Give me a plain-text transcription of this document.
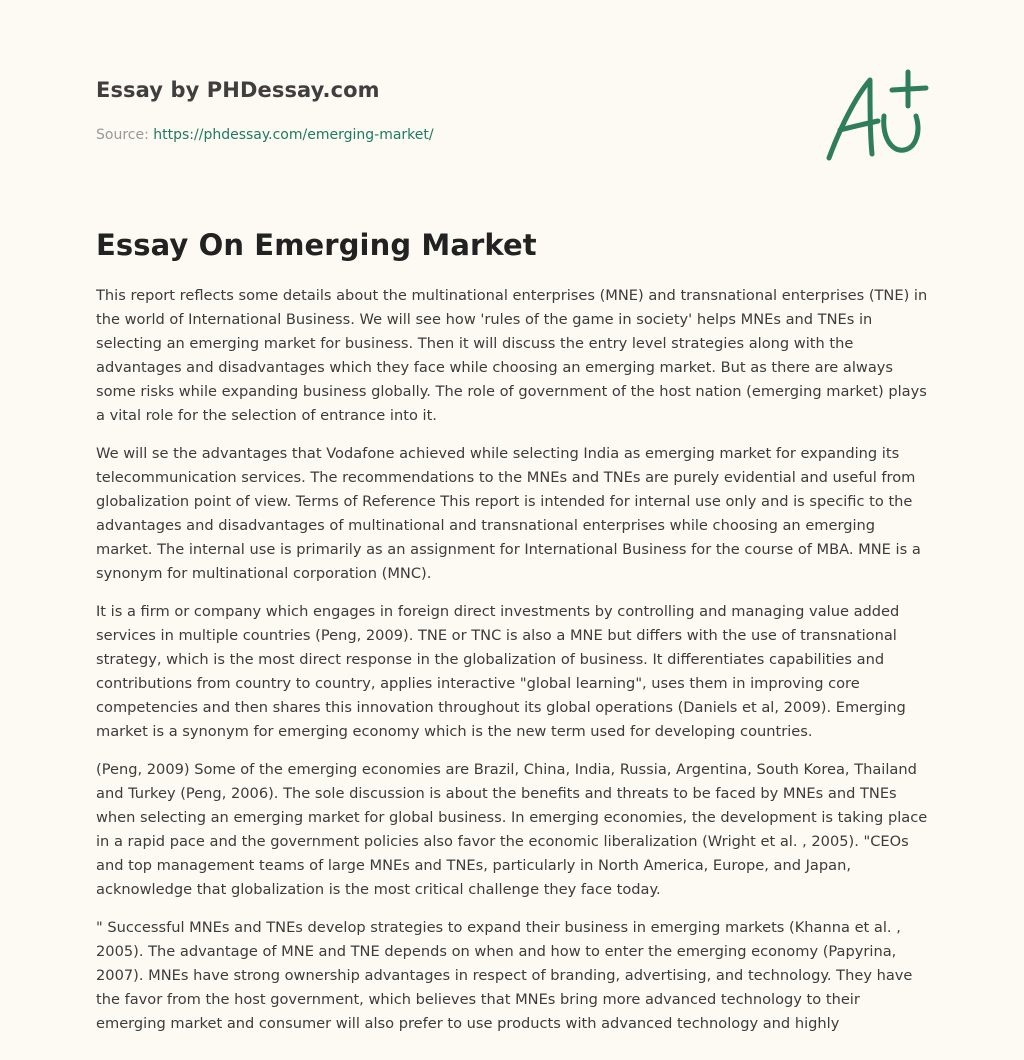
Essay by PHDessay.com
Source: https://phdessay.com/emerging-market/
Essay On Emerging Market

This report reflects some details about the multinational enterprises (MNE) and transnational enterprises (TNE) in the world of International Business. We will see how 'rules of the game in society' helps MNEs and TNEs in selecting an emerging market for business. Then it will discuss the entry level strategies along with the advantages and disadvantages which they face while choosing an emerging market. But as there are always some risks while expanding business globally. The role of government of the host nation (emerging market) plays a vital role for the selection of entrance into it.

We will se the advantages that Vodafone achieved while selecting India as emerging market for expanding its telecommunication services. The recommendations to the MNEs and TNEs are purely evidential and useful from globalization point of view. Terms of Reference This report is intended for internal use only and is specific to the advantages and disadvantages of multinational and transnational enterprises while choosing an emerging market. The internal use is primarily as an assignment for International Business for the course of MBA. MNE is a synonym for multinational corporation (MNC).

It is a firm or company which engages in foreign direct investments by controlling and managing value added services in multiple countries (Peng, 2009). TNE or TNC is also a MNE but differs with the use of transnational strategy, which is the most direct response in the globalization of business. It differentiates capabilities and contributions from country to country, applies interactive "global learning", uses them in improving core competencies and then shares this innovation throughout its global operations (Daniels et al, 2009). Emerging market is a synonym for emerging economy which is the new term used for developing countries.

(Peng, 2009) Some of the emerging economies are Brazil, China, India, Russia, Argentina, South Korea, Thailand and Turkey (Peng, 2006). The sole discussion is about the benefits and threats to be faced by MNEs and TNEs when selecting an emerging market for global business. In emerging economies, the development is taking place in a rapid pace and the government policies also favor the economic liberalization (Wright et al. , 2005). "CEOs and top management teams of large MNEs and TNEs, particularly in North America, Europe, and Japan, acknowledge that globalization is the most critical challenge they face today.

" Successful MNEs and TNEs develop strategies to expand their business in emerging markets (Khanna et al. , 2005). The advantage of MNE and TNE depends on when and how to enter the emerging economy (Papyrina, 2007). MNEs have strong ownership advantages in respect of branding, advertising, and technology. They have the favor from the host government, which believes that MNEs bring more advanced technology to their emerging market and consumer will also prefer to use products with advanced technology and highly
